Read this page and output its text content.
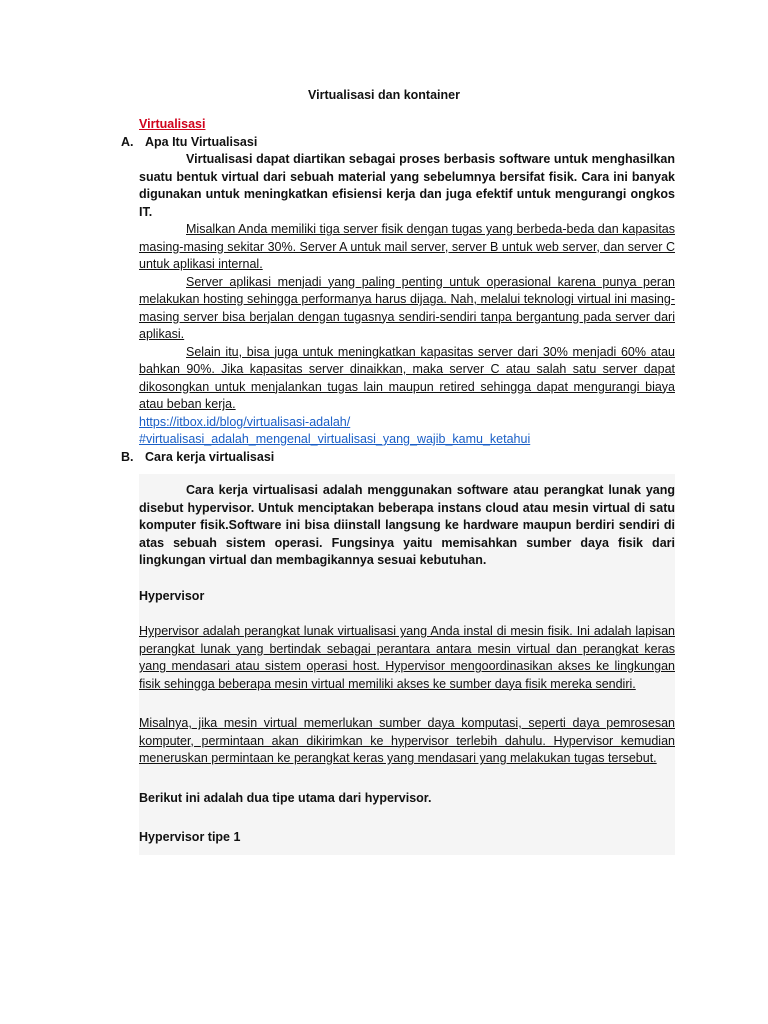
Virtualisasi dan kontainer
Virtualisasi
A. Apa Itu Virtualisasi

Virtualisasi dapat diartikan sebagai proses berbasis software untuk menghasilkan suatu bentuk virtual dari sebuah material yang sebelumnya bersifat fisik. Cara ini banyak digunakan untuk meningkatkan efisiensi kerja dan juga efektif untuk mengurangi ongkos IT.

Misalkan Anda memiliki tiga server fisik dengan tugas yang berbeda-beda dan kapasitas masing-masing sekitar 30%. Server A untuk mail server, server B untuk web server, dan server C untuk aplikasi internal.

Server aplikasi menjadi yang paling penting untuk operasional karena punya peran melakukan hosting sehingga performanya harus dijaga. Nah, melalui teknologi virtual ini masing-masing server bisa berjalan dengan tugasnya sendiri-sendiri tanpa bergantung pada server dari aplikasi.

Selain itu, bisa juga untuk meningkatkan kapasitas server dari 30% menjadi 60% atau bahkan 90%. Jika kapasitas server dinaikkan, maka server C atau salah satu server dapat dikosongkan untuk menjalankan tugas lain maupun retired sehingga dapat mengurangi biaya atau beban kerja.

https://itbox.id/blog/virtualisasi-adalah/
#virtualisasi_adalah_mengenal_virtualisasi_yang_wajib_kamu_ketahui
B. Cara kerja virtualisasi

Cara kerja virtualisasi adalah menggunakan software atau perangkat lunak yang disebut hypervisor. Untuk menciptakan beberapa instans cloud atau mesin virtual di satu komputer fisik.Software ini bisa diinstall langsung ke hardware maupun berdiri sendiri di atas sebuah sistem operasi. Fungsinya yaitu memisahkan sumber daya fisik dari lingkungan virtual dan membagikannya sesuai kebutuhan.

Hypervisor

Hypervisor adalah perangkat lunak virtualisasi yang Anda instal di mesin fisik. Ini adalah lapisan perangkat lunak yang bertindak sebagai perantara antara mesin virtual dan perangkat keras yang mendasari atau sistem operasi host. Hypervisor mengoordinasikan akses ke lingkungan fisik sehingga beberapa mesin virtual memiliki akses ke sumber daya fisik mereka sendiri.

Misalnya, jika mesin virtual memerlukan sumber daya komputasi, seperti daya pemrosesan komputer, permintaan akan dikirimkan ke hypervisor terlebih dahulu. Hypervisor kemudian meneruskan permintaan ke perangkat keras yang mendasari yang melakukan tugas tersebut.

Berikut ini adalah dua tipe utama dari hypervisor.

Hypervisor tipe 1
